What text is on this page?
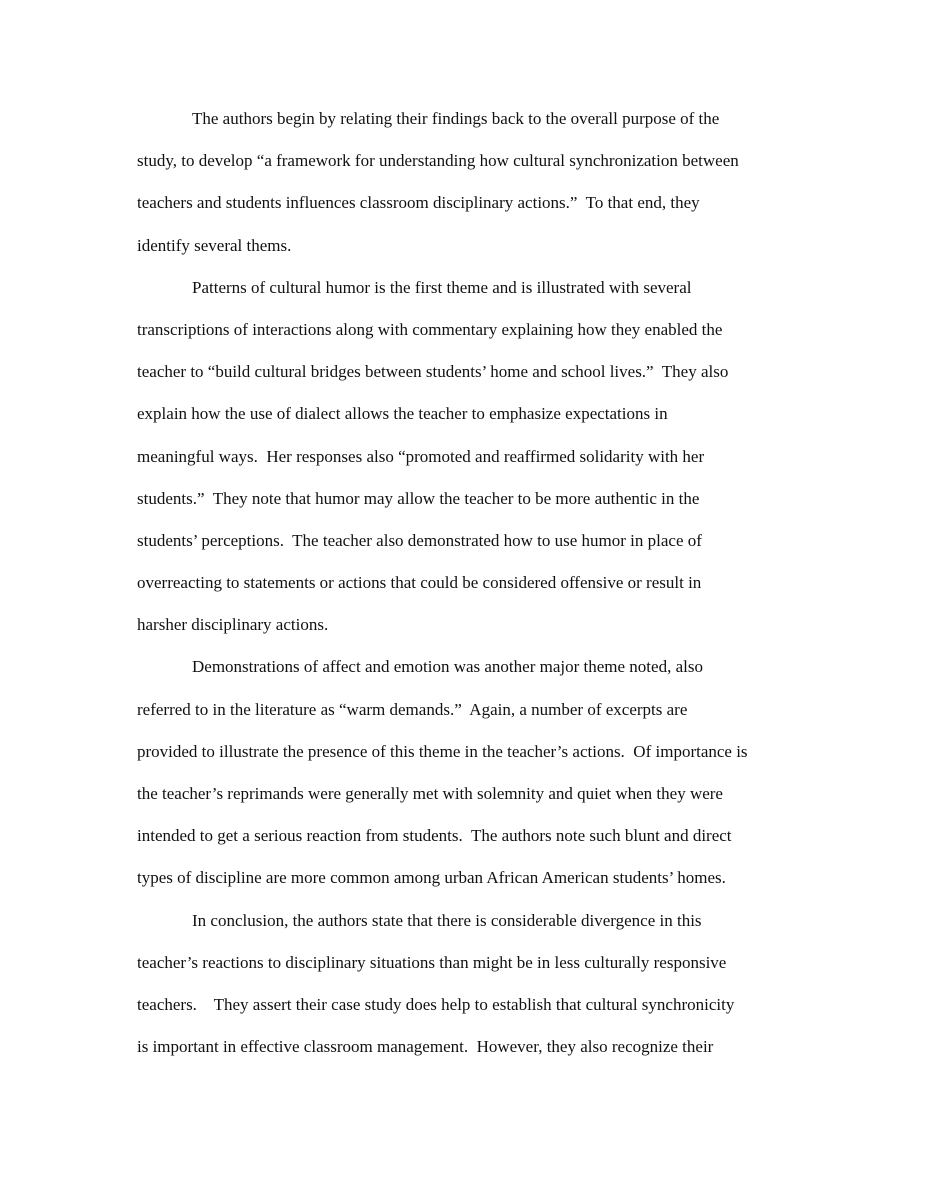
The authors begin by relating their findings back to the overall purpose of the

study, to develop “a framework for understanding how cultural synchronization between

teachers and students influences classroom disciplinary actions.”  To that end, they

identify several thems.

Patterns of cultural humor is the first theme and is illustrated with several

transcriptions of interactions along with commentary explaining how they enabled the

teacher to “build cultural bridges between students’ home and school lives.”  They also

explain how the use of dialect allows the teacher to emphasize expectations in

meaningful ways.  Her responses also “promoted and reaffirmed solidarity with her

students.”  They note that humor may allow the teacher to be more authentic in the

students’ perceptions.  The teacher also demonstrated how to use humor in place of

overreacting to statements or actions that could be considered offensive or result in

harsher disciplinary actions.

Demonstrations of affect and emotion was another major theme noted, also

referred to in the literature as “warm demands.”  Again, a number of excerpts are

provided to illustrate the presence of this theme in the teacher’s actions.  Of importance is

the teacher’s reprimands were generally met with solemnity and quiet when they were

intended to get a serious reaction from students.  The authors note such blunt and direct

types of discipline are more common among urban African American students’ homes.

In conclusion, the authors state that there is considerable divergence in this

teacher’s reactions to disciplinary situations than might be in less culturally responsive

teachers.    They assert their case study does help to establish that cultural synchronicity

is important in effective classroom management.  However, they also recognize their
